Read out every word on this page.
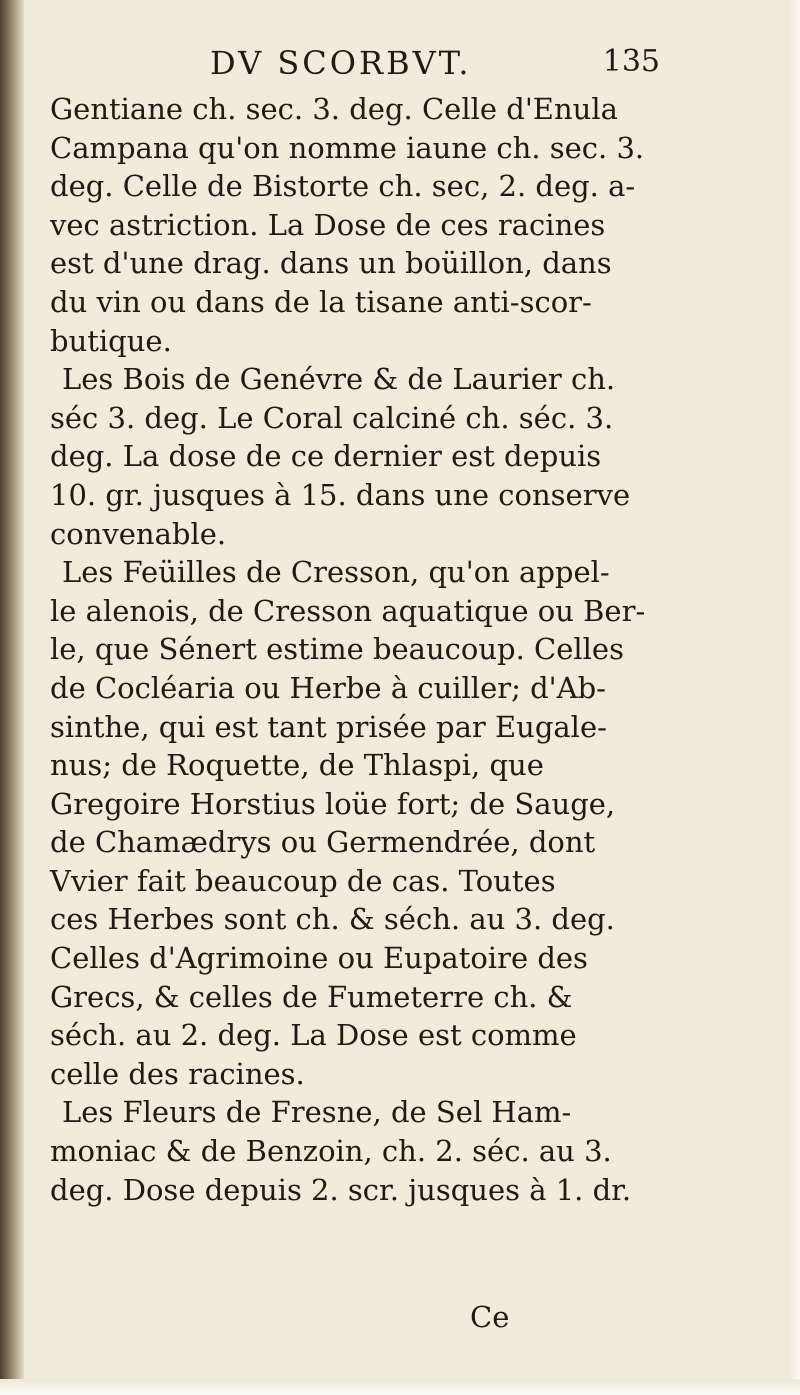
DV SCORBVT.	135
Gentiane ch. sec. 3. deg. Celle d'Enula
Campana qu'on nomme iaune ch. sec. 3.
deg. Celle de Bistorte ch. sec, 2. deg. a-
vec astriction. La Dose de ces racines
est d'une drag. dans un boüillon, dans
du vin ou dans de la tisane anti-scor-
butique.
Les Bois de Genévre & de Laurier ch.
séc 3. deg. Le Coral calciné ch. séc. 3.
deg. La dose de ce dernier est depuis
10. gr. jusques à 15. dans une conserve
convenable.
Les Feüilles de Cresson, qu'on appel-
le alenois, de Cresson aquatique ou Ber-
le, que Sénert estime beaucoup. Celles
de Cocléaria ou Herbe à cuiller; d'Ab-
sinthe, qui est tant prisée par Eugale-
nus; de Roquette, de Thlaspi, que
Gregoire Horstius loüe fort; de Sauge,
de Chamædrys ou Germendrée, dont
Vvier fait beaucoup de cas. Toutes
ces Herbes sont ch. & séch. au 3. deg.
Celles d'Agrimoine ou Eupatoire des
Grecs, & celles de Fumeterre ch. &
séch. au 2. deg. La Dose est comme
celle des racines.
Les Fleurs de Fresne, de Sel Ham-
moniac & de Benzoin, ch. 2. séc. au 3.
deg. Dose depuis 2. scr. jusques à 1. dr.
Ce
